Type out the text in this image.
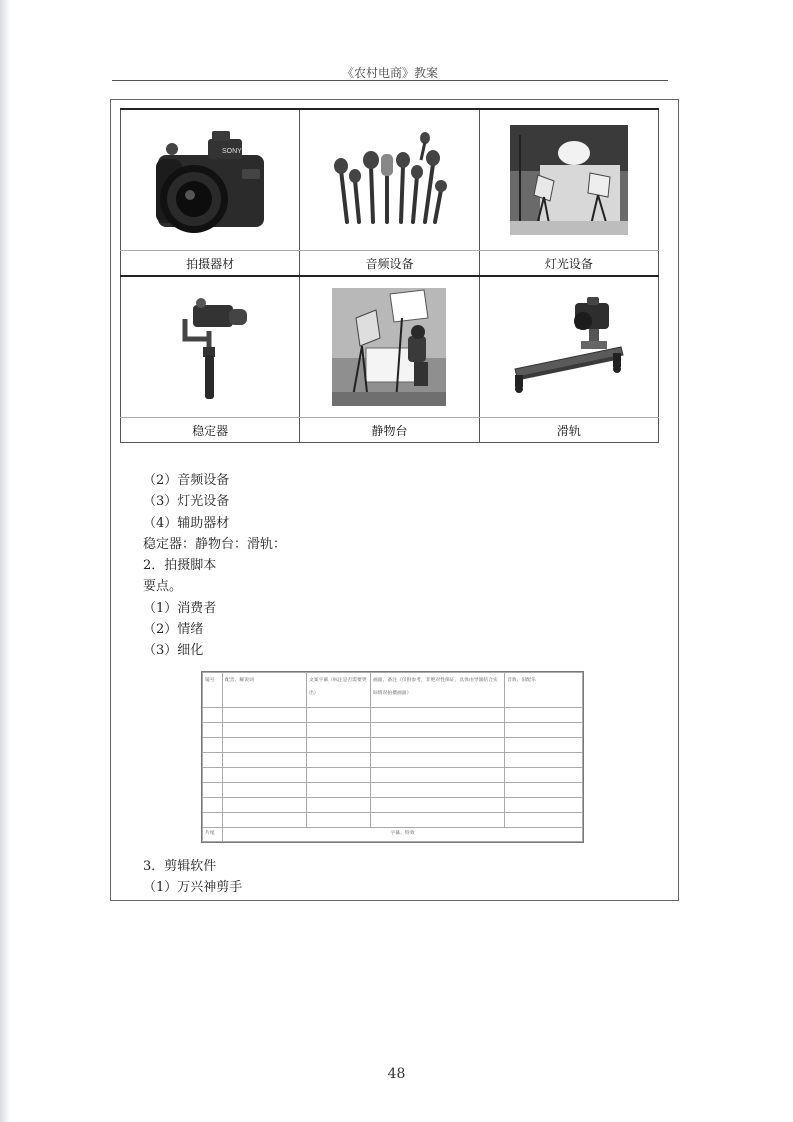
《农村电商》教案
SONY

拍摄器材	音频设备	灯光设备

稳定器	静物台	滑轨
（2）音频设备
（3）灯光设备
（4）辅助器材
稳定器：静物台：滑轨：
2．拍摄脚本
要点。
（1）消费者
（2）情绪
（3）细化
镜号	配音、解说词	文案字幕（标注是否需要突出）	画面、备注（仅供参考，非绝对性保证，具体由导演结合实际情况拍摄画面）	音效、旧配乐

片尾	字幕、特效			
3．剪辑软件
（1）万兴神剪手
48
